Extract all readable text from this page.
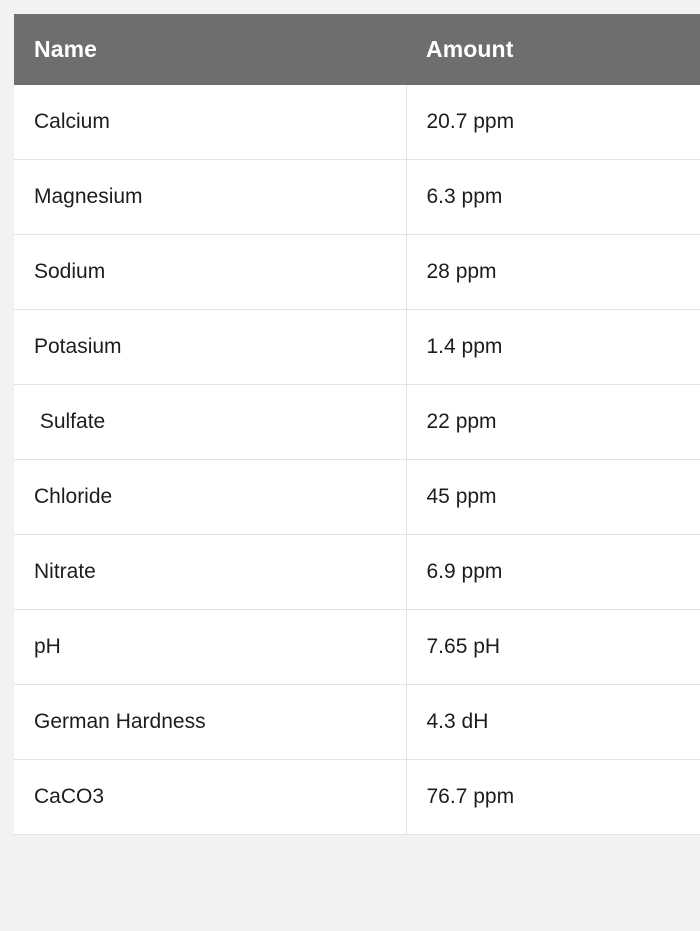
Name	Amount
Calcium	20.7 ppm
Magnesium	6.3 ppm
Sodium	28 ppm
Potasium	1.4 ppm
Sulfate	22 ppm
Chloride	45 ppm
Nitrate	6.9 ppm
pH	7.65 pH
German Hardness	4.3 dH
CaCO3	76.7 ppm
